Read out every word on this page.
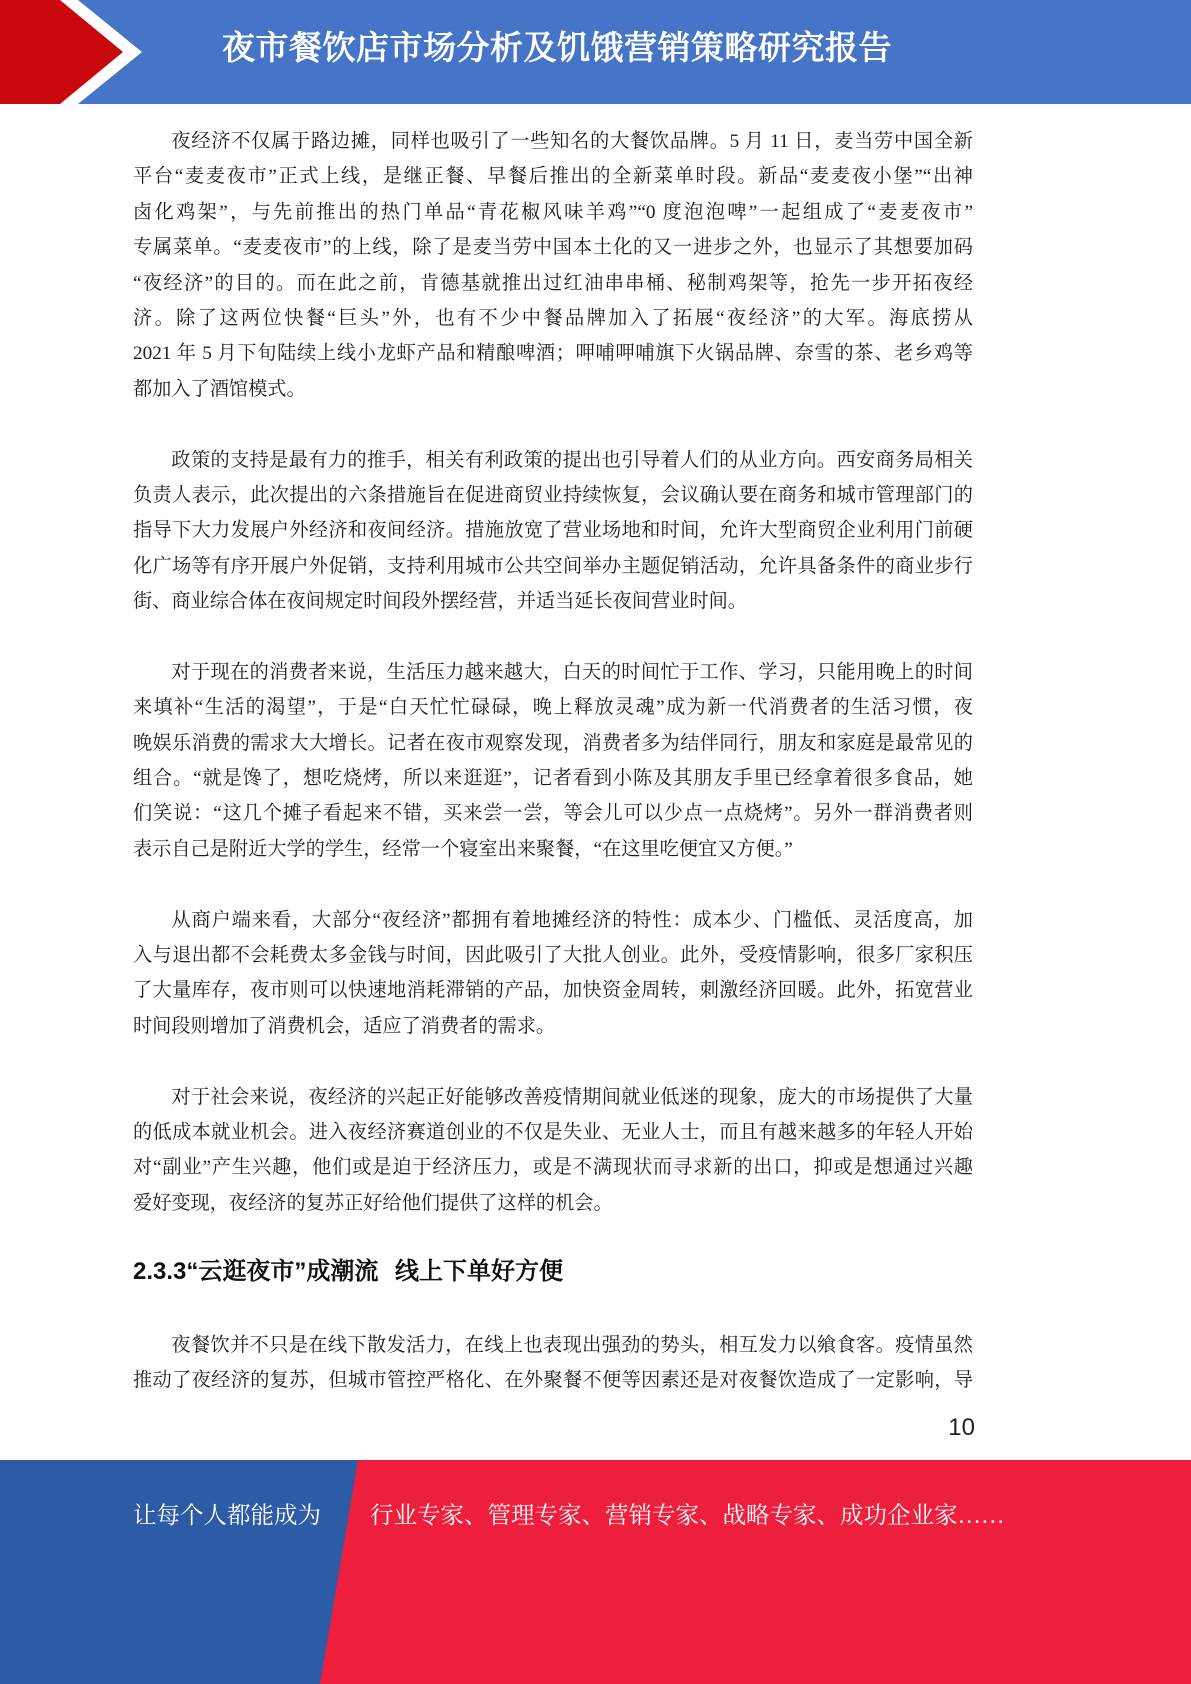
夜市餐饮店市场分析及饥饿营销策略研究报告
夜经济不仅属于路边摊，同样也吸引了一些知名的大餐饮品牌。5 月 11 日，麦当劳中国全新
平台“麦麦夜市”正式上线，是继正餐、早餐后推出的全新菜单时段。新品“麦麦夜小堡”“出神
卤化鸡架”，与先前推出的热门单品“青花椒风味羊鸡”“0 度泡泡啤”一起组成了“麦麦夜市”
专属菜单。“麦麦夜市”的上线，除了是麦当劳中国本土化的又一进步之外，也显示了其想要加码
“夜经济”的目的。而在此之前，肯德基就推出过红油串串桶、秘制鸡架等，抢先一步开拓夜经
济。除了这两位快餐“巨头”外，也有不少中餐品牌加入了拓展“夜经济”的大军。海底捞从
2021 年 5 月下旬陆续上线小龙虾产品和精酿啤酒；呷哺呷哺旗下火锅品牌、奈雪的茶、老乡鸡等
都加入了酒馆模式。
政策的支持是最有力的推手，相关有利政策的提出也引导着人们的从业方向。西安商务局相关
负责人表示，此次提出的六条措施旨在促进商贸业持续恢复，会议确认要在商务和城市管理部门的
指导下大力发展户外经济和夜间经济。措施放宽了营业场地和时间，允许大型商贸企业利用门前硬
化广场等有序开展户外促销，支持利用城市公共空间举办主题促销活动，允许具备条件的商业步行
街、商业综合体在夜间规定时间段外摆经营，并适当延长夜间营业时间。
对于现在的消费者来说，生活压力越来越大，白天的时间忙于工作、学习，只能用晚上的时间
来填补“生活的渴望”，于是“白天忙忙碌碌，晚上释放灵魂”成为新一代消费者的生活习惯，夜
晚娱乐消费的需求大大增长。记者在夜市观察发现，消费者多为结伴同行，朋友和家庭是最常见的
组合。“就是馋了，想吃烧烤，所以来逛逛”，记者看到小陈及其朋友手里已经拿着很多食品，她
们笑说：“这几个摊子看起来不错，买来尝一尝，等会儿可以少点一点烧烤”。另外一群消费者则
表示自己是附近大学的学生，经常一个寝室出来聚餐，“在这里吃便宜又方便。”
从商户端来看，大部分“夜经济”都拥有着地摊经济的特性：成本少、门槛低、灵活度高，加
入与退出都不会耗费太多金钱与时间，因此吸引了大批人创业。此外，受疫情影响，很多厂家积压
了大量库存，夜市则可以快速地消耗滞销的产品，加快资金周转，刺激经济回暖。此外，拓宽营业
时间段则增加了消费机会，适应了消费者的需求。
对于社会来说，夜经济的兴起正好能够改善疫情期间就业低迷的现象，庞大的市场提供了大量
的低成本就业机会。进入夜经济赛道创业的不仅是失业、无业人士，而且有越来越多的年轻人开始
对“副业”产生兴趣，他们或是迫于经济压力，或是不满现状而寻求新的出口，抑或是想通过兴趣
爱好变现，夜经济的复苏正好给他们提供了这样的机会。
2.3.3“云逛夜市”成潮流 线上下单好方便
夜餐饮并不只是在线下散发活力，在线上也表现出强劲的势头，相互发力以飨食客。疫情虽然
推动了夜经济的复苏，但城市管控严格化、在外聚餐不便等因素还是对夜餐饮造成了一定影响，导
10
让每个人都能成为 行业专家、管理专家、营销专家、战略专家、成功企业家……
